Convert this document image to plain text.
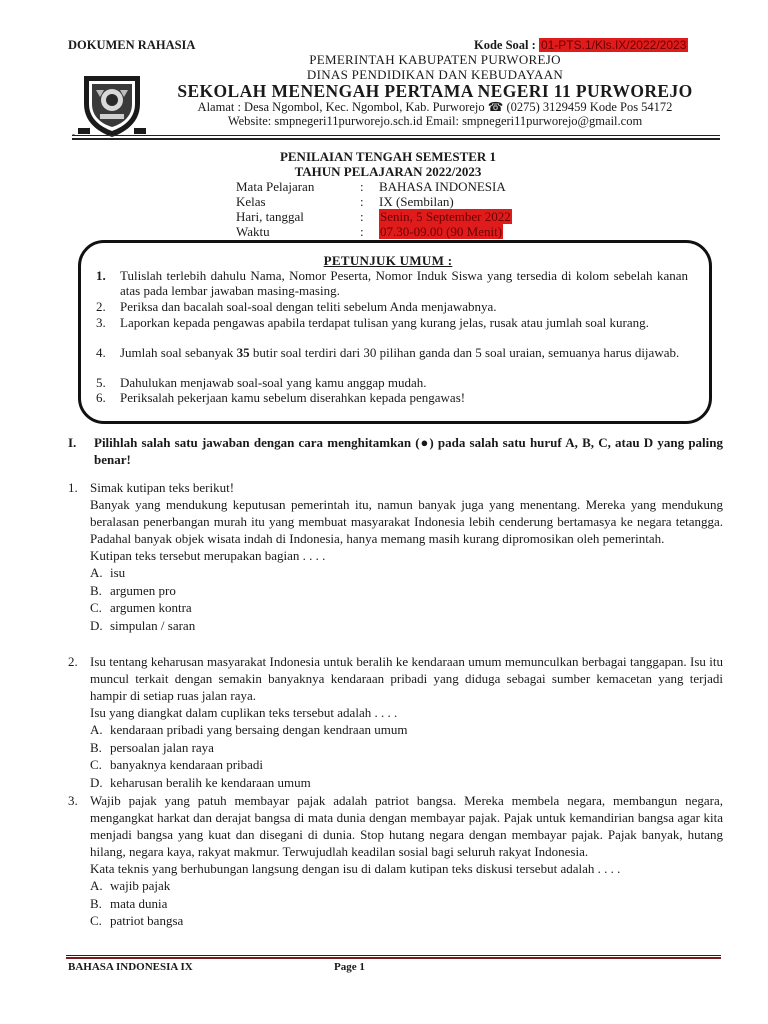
DOKUMEN RAHASIA	Kode Soal : 01-PTS.1/Kls.IX/2022/2023
PEMERINTAH KABUPATEN PURWOREJO
DINAS PENDIDIKAN DAN KEBUDAYAAN
SEKOLAH MENENGAH PERTAMA NEGERI 11 PURWOREJO
Alamat : Desa Ngombol, Kec. Ngombol, Kab. Purworejo ☎ (0275) 3129459 Kode Pos 54172
Website: smpnegeri11purworejo.sch.id Email: smpnegeri11purworejo@gmail.com
-
PENILAIAN TENGAH SEMESTER 1
TAHUN PELAJARAN 2022/2023
Mata Pelajaran	: BAHASA INDONESIA
Kelas	: IX (Sembilan)
Hari, tanggal	: Senin, 5 September 2022
Waktu	: 07.30-09.00 (90 Menit)
PETUNJUK UMUM :
1. Tulislah terlebih dahulu Nama, Nomor Peserta, Nomor Induk Siswa yang tersedia di kolom sebelah kanan atas pada lembar jawaban masing-masing.
2. Periksa dan bacalah soal-soal dengan teliti sebelum Anda menjawabnya.
3. Laporkan kepada pengawas apabila terdapat tulisan yang kurang jelas, rusak atau jumlah soal kurang.
4. Jumlah soal sebanyak 35 butir soal terdiri dari 30 pilihan ganda dan 5 soal uraian, semuanya harus dijawab.
5. Dahulukan menjawab soal-soal yang kamu anggap mudah.
6. Periksalah pekerjaan kamu sebelum diserahkan kepada pengawas!
I. Pilihlah salah satu jawaban dengan cara menghitamkan (●) pada salah satu huruf A, B, C, atau D yang paling benar!
1. Simak kutipan teks berikut!
Banyak yang mendukung keputusan pemerintah itu, namun banyak juga yang menentang. Mereka yang mendukung beralasan penerbangan murah itu yang membuat masyarakat Indonesia lebih cenderung bertamasya ke negara tetangga. Padahal banyak objek wisata indah di Indonesia, hanya memang masih kurang dipromosikan oleh pemerintah.
Kutipan teks tersebut merupakan bagian . . . .
A. isu
B. argumen pro
C. argumen kontra
D. simpulan / saran
2. Isu tentang keharusan masyarakat Indonesia untuk beralih ke kendaraan umum memunculkan berbagai tanggapan. Isu itu muncul terkait dengan semakin banyaknya kendaraan pribadi yang diduga sebagai sumber kemacetan yang terjadi hampir di setiap ruas jalan raya.
Isu yang diangkat dalam cuplikan teks tersebut adalah . . . .
A. kendaraan pribadi yang bersaing dengan kendraan umum
B. persoalan jalan raya
C. banyaknya kendaraan pribadi
D. keharusan beralih ke kendaraan umum
3. Wajib pajak yang patuh membayar pajak adalah patriot bangsa. Mereka membela negara, membangun negara, mengangkat harkat dan derajat bangsa di mata dunia dengan membayar pajak. Pajak untuk kemandirian bangsa agar kita menjadi bangsa yang kuat dan disegani di dunia. Stop hutang negara dengan membayar pajak. Pajak banyak, hutang hilang, negara kaya, rakyat makmur. Terwujudlah keadilan sosial bagi seluruh rakyat Indonesia.
Kata teknis yang berhubungan langsung dengan isu di dalam kutipan teks diskusi tersebut adalah . . . .
A. wajib pajak
B. mata dunia
C. patriot bangsa
BAHASA INDONESIA IX	Page 1
